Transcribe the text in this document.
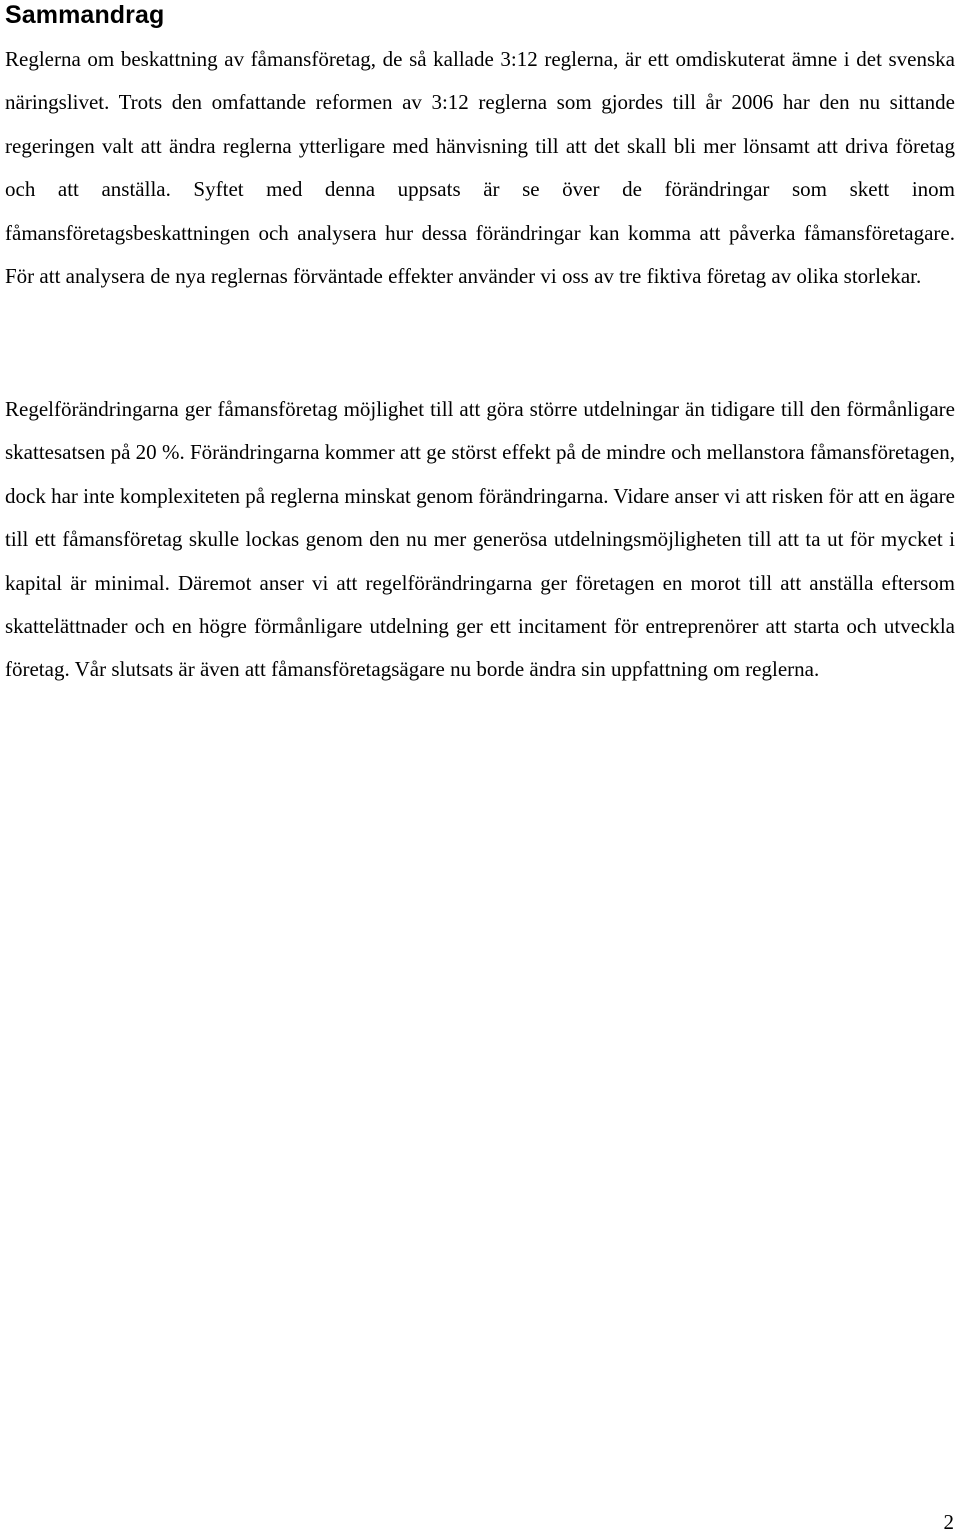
Sammandrag

Reglerna om beskattning av fåmansföretag, de så kallade 3:12 reglerna, är ett omdiskuterat ämne i det svenska näringslivet. Trots den omfattande reformen av 3:12 reglerna som gjordes till år 2006 har den nu sittande regeringen valt att ändra reglerna ytterligare med hänvisning till att det skall bli mer lönsamt att driva företag och att anställa. Syftet med denna uppsats är se över de förändringar som skett inom fåmansföretagsbeskattningen och analysera hur dessa förändringar kan komma att påverka fåmansföretagare. För att analysera de nya reglernas förväntade effekter använder vi oss av tre fiktiva företag av olika storlekar.

Regelförändringarna ger fåmansföretag möjlighet till att göra större utdelningar än tidigare till den förmånligare skattesatsen på 20 %. Förändringarna kommer att ge störst effekt på de mindre och mellanstora fåmansföretagen, dock har inte komplexiteten på reglerna minskat genom förändringarna. Vidare anser vi att risken för att en ägare till ett fåmansföretag skulle lockas genom den nu mer generösa utdelningsmöjligheten till att ta ut för mycket i kapital är minimal. Däremot anser vi att regelförändringarna ger företagen en morot till att anställa eftersom skattelättnader och en högre förmånligare utdelning ger ett incitament för entreprenörer att starta och utveckla företag. Vår slutsats är även att fåmansföretagsägare nu borde ändra sin uppfattning om reglerna.

2
